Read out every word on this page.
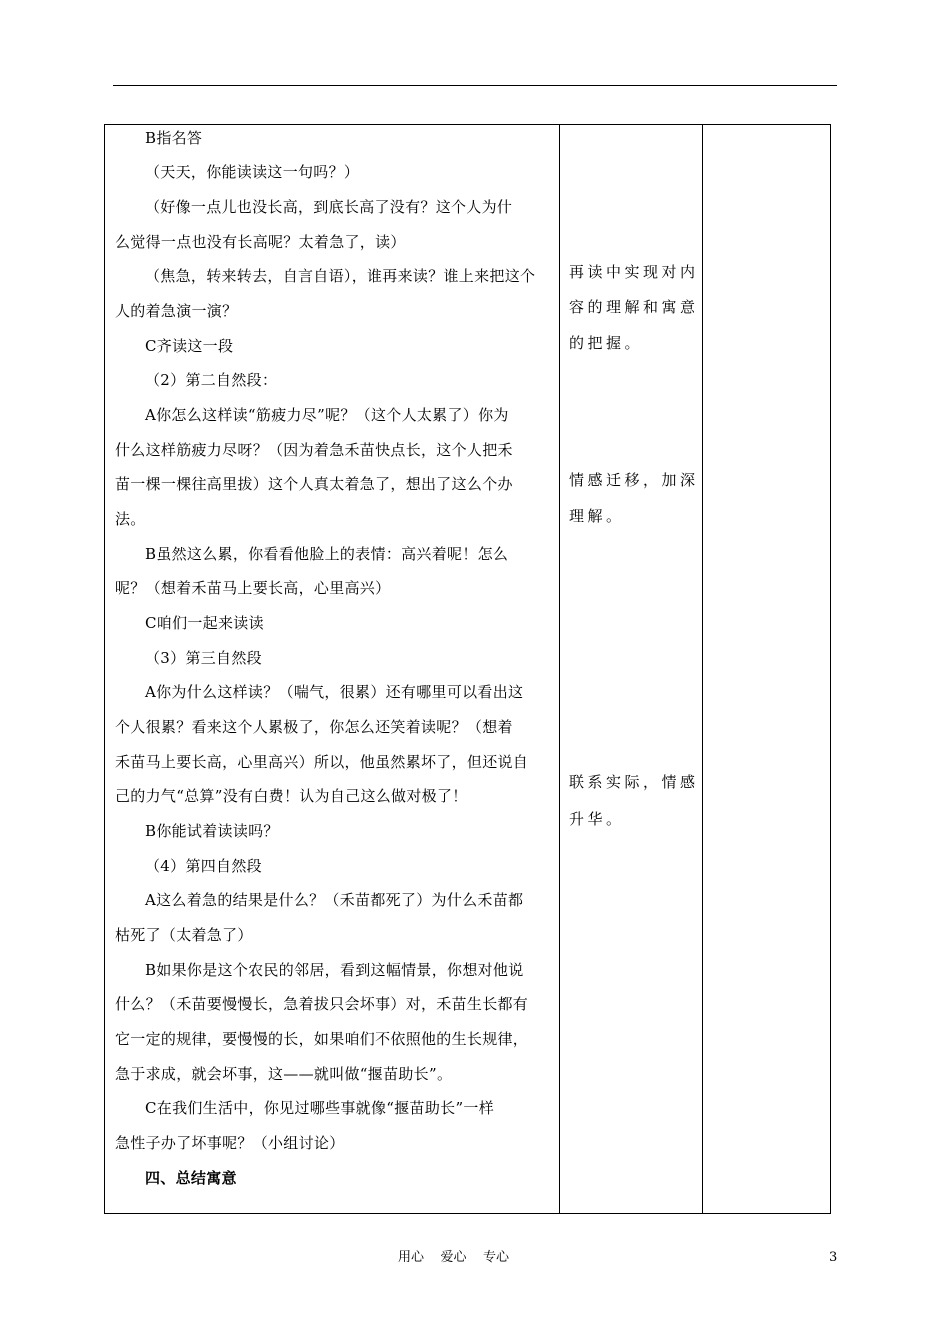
B指名答
（天天，你能读读这一句吗？）
（好像一点儿也没长高，到底长高了没有？这个人为什
么觉得一点也没有长高呢？太着急了，读）
（焦急，转来转去，自言自语），谁再来读？谁上来把这个
人的着急演一演？
C齐读这一段
（2）第二自然段：
A你怎么这样读“筋疲力尽”呢？（这个人太累了）你为
什么这样筋疲力尽呀？（因为着急禾苗快点长，这个人把禾
苗一棵一棵往高里拔）这个人真太着急了，想出了这么个办
法。
B虽然这么累，你看看他脸上的表情：高兴着呢！怎么
呢？（想着禾苗马上要长高，心里高兴）
C咱们一起来读读
（3）第三自然段
A你为什么这样读？（喘气，很累）还有哪里可以看出这
个人很累？看来这个人累极了，你怎么还笑着读呢？（想着
禾苗马上要长高，心里高兴）所以，他虽然累坏了，但还说自
己的力气“总算”没有白费！认为自己这么做对极了！
B你能试着读读吗？
（4）第四自然段
A这么着急的结果是什么？（禾苗都死了）为什么禾苗都
枯死了（太着急了）
B如果你是这个农民的邻居，看到这幅情景，你想对他说
什么？（禾苗要慢慢长，急着拔只会坏事）对，禾苗生长都有
它一定的规律，要慢慢的长，如果咱们不依照他的生长规律，
急于求成，就会坏事，这——就叫做“揠苗助长”。
C在我们生活中，你见过哪些事就像“揠苗助长”一样
急性子办了坏事呢？（小组讨论）
四、总结寓意
再读中实现对内
容的理解和寓意
的把握。
情感迁移，加深
理解。
联系实际，情感
升华。
用心    爱心    专心	3
